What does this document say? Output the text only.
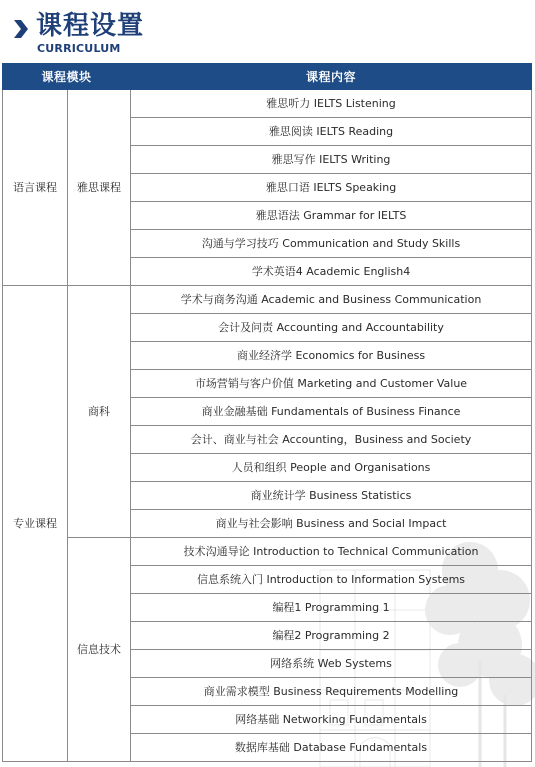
课程设置
CURRICULUM
课程模块		课程内容
语言课程	雅思课程	雅思听力 IELTS Listening
		雅思阅读 IELTS Reading
		雅思写作 IELTS Writing
		雅思口语 IELTS Speaking
		雅思语法 Grammar for IELTS
		沟通与学习技巧 Communication and Study Skills
		学术英语4 Academic English4
专业课程	商科	学术与商务沟通 Academic and Business Communication
		会计及问责 Accounting and Accountability
		商业经济学 Economics for Business
		市场营销与客户价值 Marketing and Customer Value
		商业金融基础 Fundamentals of Business Finance
		会计、商业与社会 Accounting，Business and Society
		人员和组织 People and Organisations
		商业统计学 Business Statistics
		商业与社会影响 Business and Social Impact
	信息技术	技术沟通导论 Introduction to Technical Communication
		信息系统入门 Introduction to Information Systems
		编程1 Programming 1
		编程2 Programming 2
		网络系统 Web Systems
		商业需求模型 Business Requirements Modelling
		网络基础 Networking Fundamentals
		数据库基础 Database Fundamentals
